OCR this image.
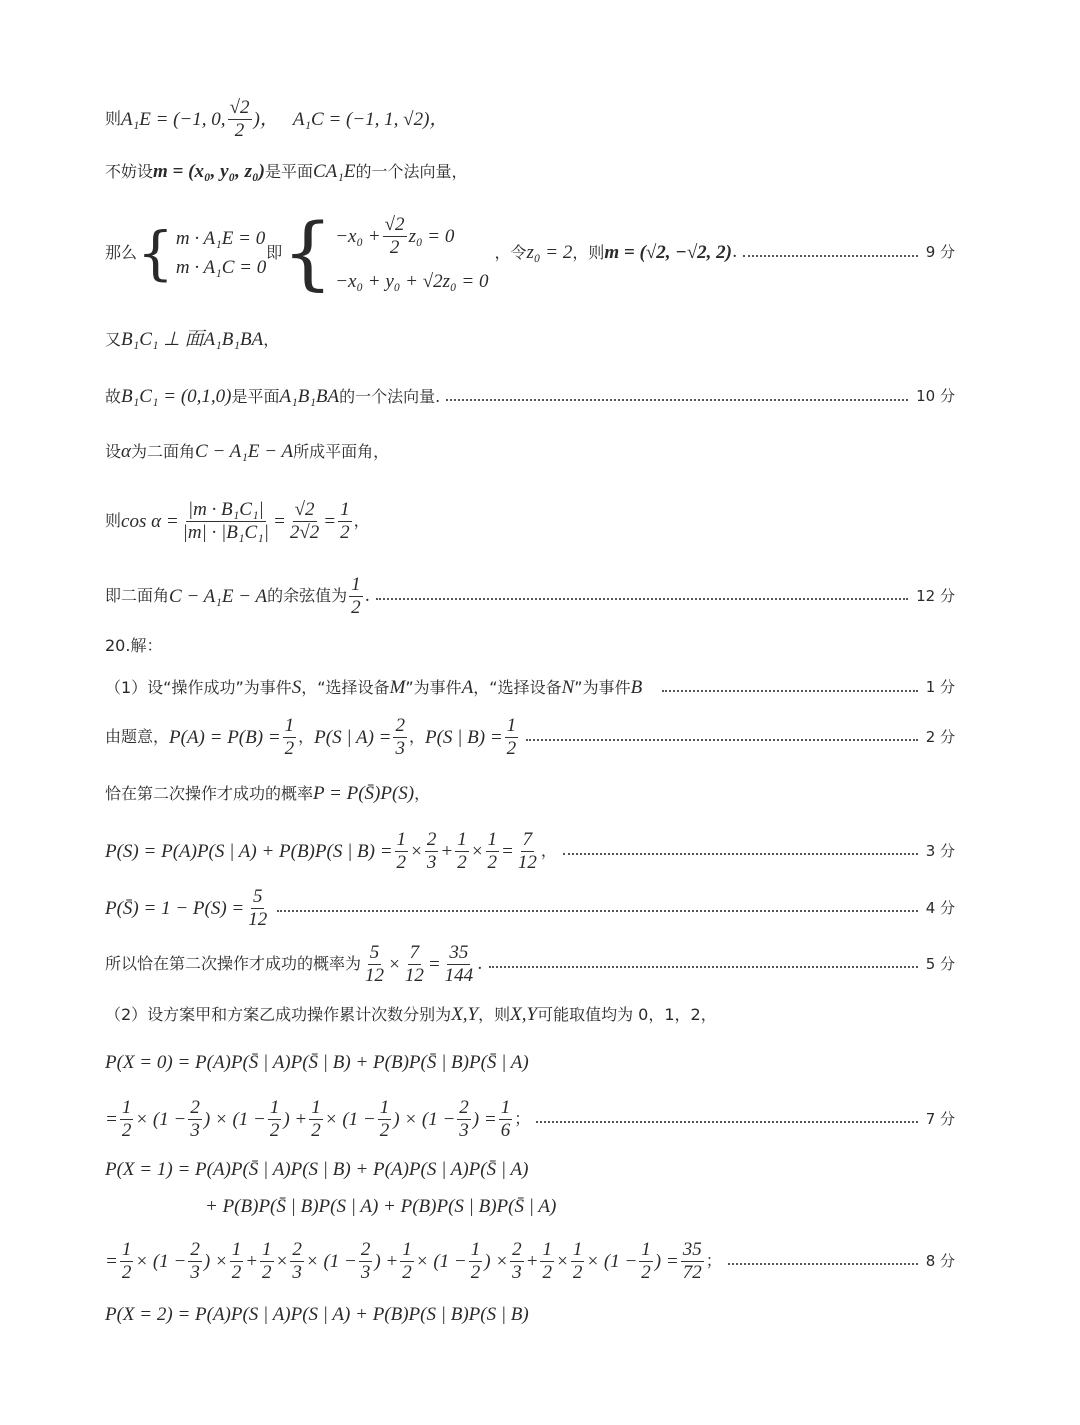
则 A₁E = (−1, 0, $\frac{√2}{2}$ )， A₁C = (−1, 1, √2)，
不妨设 m = (x₀, y₀, z₀) 是平面 CA₁E 的一个法向量，
那么 { m · A₁E = 0
m · A₁C = 0
即 { $-x_0 + \frac{√2}{2} z_0 = 0$
−x₀ + y₀ + √2z₀ = 0
，令 z₀ = 2 ，则 m = (√2, −√2, 2) .	9 分
又 B₁C₁ ⊥ 面A₁B₁BA ，
故 B₁C₁ = (0,1,0) 是平面 A₁B₁BA 的一个法向量.	10 分
设 α 为二面角 C − A₁E − A 所成平面角，
则 $\cos \alpha = \frac{\text{|m · B₁C₁|}}{\text{|m| · |B₁C₁|}} = \frac{√2}{2√2} = \frac{1}{2}$ ，
即二面角 C − A₁E − A 的余弦值为 $\frac{1}{2}$ .	12 分
20.解：
（1）设“操作成功”为事件 S ，“选择设备 M ”为事件 A ，“选择设备 N ”为事件 B	1 分
由题意， $P(A) = P(B) = \frac{1}{2}$ ， P(S | $A) = \frac{2}{3}$ ， P(S | $B) = \frac{1}{2}$	2 分
恰在第二次操作才成功的概率 P = P(S̄)P(S) ，
P(S) = P(A)P(S | A) + P(B)P(S | $B) = \frac{1}{2} \times \frac{2}{3} + \frac{1}{2} \times \frac{1}{2} = \frac{7}{12}$ ，	3 分
P(S̄) = $1 - P(S) = \frac{5}{12}$	4 分
所以恰在第二次操作才成功的概率为 $\frac{5}{12} \times \frac{7}{12} = \frac{35}{144}$ .	5 分
（2）设方案甲和方案乙成功操作累计次数分别为 X,Y ，则 X,Y 可能取值均为 0，1，2，
P(X = 0) = P(A)P(S̄ | A)P(S̄ | B) + P(B)P(S̄ | B)P(S̄ | A)
= $\frac{1}{2} \times (1 - \frac{2}{3}$ ) × ($1 - \frac{1}{2}$ ) + $\frac{1}{2} \times (1 - \frac{1}{2}$ ) × ($1 - \frac{2}{3}$ ) = $\frac{1}{6}$ ；	7 分
P(X = 1) = P(A)P(S̄ | A)P(S | B) + P(A)P(S | A)P(S̄ | A)
+ P(B)P(S̄ | B)P(S | A) + P(B)P(S | B)P(S̄ | A)
= $\frac{1}{2} \times (1 - \frac{2}{3}$ ) × $\frac{1}{2} + \frac{1}{2} \times \frac{2}{3} \times (1 - \frac{2}{3}$ ) + $\frac{1}{2} \times (1 - \frac{1}{2}$ ) × $\frac{2}{3} + \frac{1}{2} \times \frac{1}{2} \times (1 - \frac{1}{2}$ ) = $\frac{35}{72}$ ；	8 分
P(X = 2) = P(A)P(S | A)P(S | A) + P(B)P(S | B)P(S | B)
